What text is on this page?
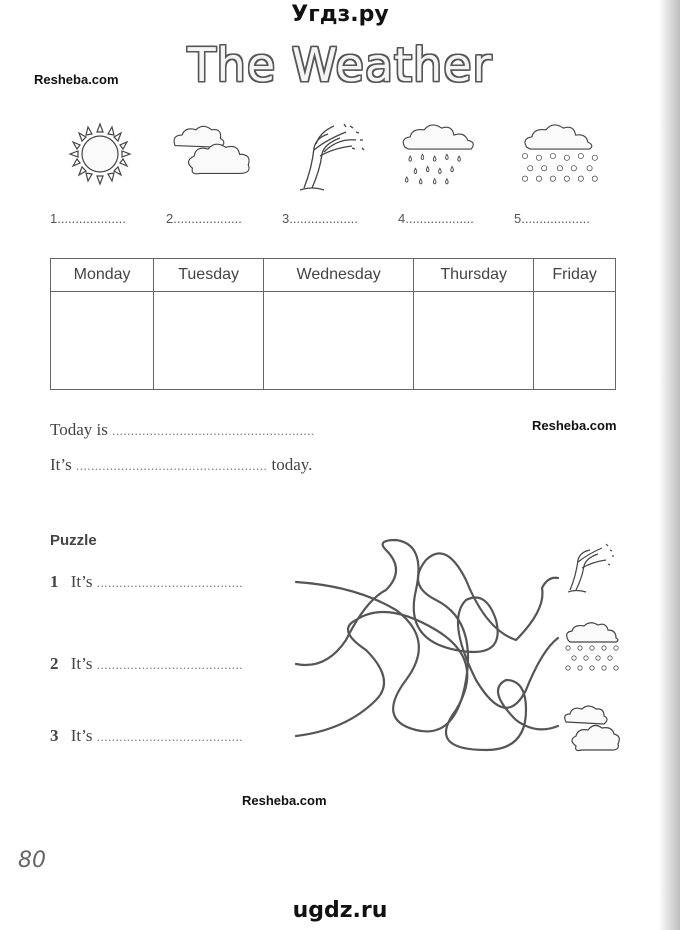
Угдз.ру
Resheba.com
Resheba.com
Resheba.com
The Weather
1...................	2...................	3...................	4...................	5...................
Monday	Tuesday	Wednesday	Thursday	Friday

Today is ......................................................
It’s ................................................... today.
Puzzle
1 It’s .......................................
2 It’s .......................................
3 It’s .......................................
80
ugdz.ru
